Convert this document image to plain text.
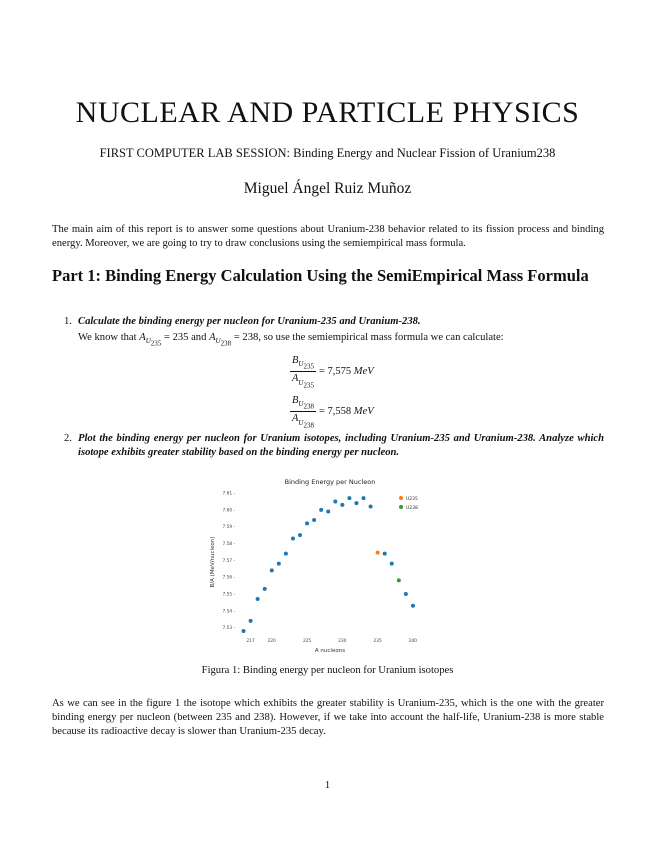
NUCLEAR AND PARTICLE PHYSICS
FIRST COMPUTER LAB SESSION: Binding Energy and Nuclear Fission of Uranium238
Miguel Ángel Ruiz Muñoz
The main aim of this report is to answer some questions about Uranium-238 behavior related to its fission process and binding energy. Moreover, we are going to try to draw conclusions using the semiempirical mass formula.
Part 1: Binding Energy Calculation Using the SemiEmpirical Mass Formula
1. Calculate the binding energy per nucleon for Uranium-235 and Uranium-238.
We know that $A_{U_{235}} = 235$ and $A_{U_{238}} = 238$, so use the semiempirical mass formula we can calculate:
$\frac{B_{U_{235}}}{A_{U_{235}}} = 7,575$
MeV
$\frac{B_{U_{238}}}{A_{U_{238}}} = 7,558$
MeV
2. Plot the binding energy per nucleon for Uranium isotopes, including Uranium-235 and Uranium-238. Analyze which isotope exhibits greater stability based on the binding energy per nucleon.
Binding Energy per Nucleon
7.61 -
7.60 -
7.59 -
7.58 -
7.57 -
7.56 -
7.55 -
7.54 -
7.53 -
217	220	225	230	235	240
U235
U238
A nucleons
B/A (MeV/nucleon)
Figura 1: Binding energy per nucleon for Uranium isotopes
As we can see in the figure 1 the isotope which exhibits the greater stability is Uranium-235, which is the one with the greater binding energy per nucleon (between 235 and 238). However, if we take into account the half-life, Uranium-238 is more stable because its radioactive decay is slower than Uranium-235 decay.
1
